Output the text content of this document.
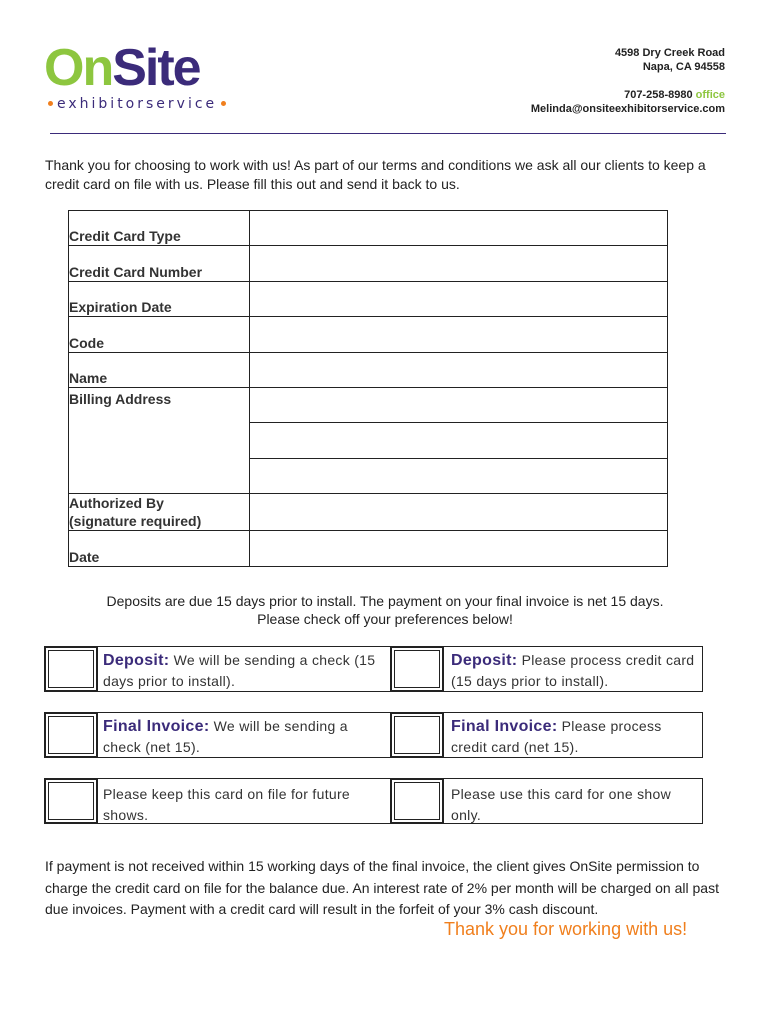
OnSite
exhibitorservice
4598 Dry Creek Road
Napa, CA 94558
707-258-8980 office
Melinda@onsiteexhibitorservice.com
Thank you for choosing to work with us! As part of our terms and conditions we ask all our clients to keep a credit card on file with us. Please fill this out and send it back to us.
Credit Card Type	
Credit Card Number	
Expiration Date	
Code	
Name	
Billing Address	

Authorized By
(signature required)	

Date	
Deposits are due 15 days prior to install. The payment on your final invoice is net 15 days.
Please check off your preferences below!
Deposit: We will be sending a check (15 days prior to install).
Deposit: Please process credit card (15 days prior to install).
Final Invoice: We will be sending a check (net 15).
Final Invoice: Please process credit card (net 15).
Please keep this card on file for future shows.
Please use this card for one show only.
If payment is not received within 15 working days of the final invoice, the client gives OnSite permission to charge the credit card on file for the balance due. An interest rate of 2% per month will be charged on all past due invoices. Payment with a credit card will result in the forfeit of your 3% cash discount.
Thank you for working with us!
